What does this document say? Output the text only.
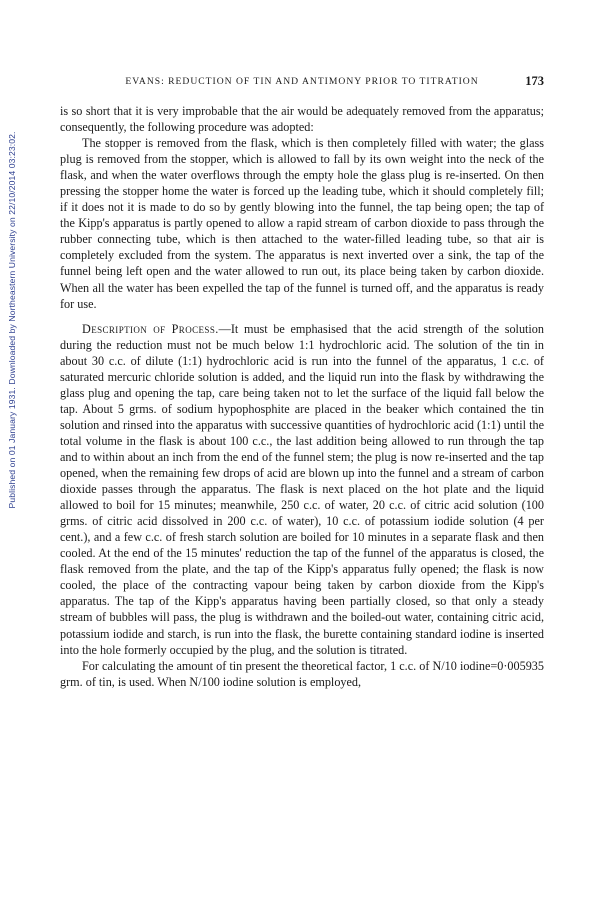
Published on 01 January 1931. Downloaded by Northeastern University on 22/10/2014 03:23:02.
EVANS: REDUCTION OF TIN AND ANTIMONY PRIOR TO TITRATION	173

is so short that it is very improbable that the air would be adequately removed from the apparatus; consequently, the following procedure was adopted:

The stopper is removed from the flask, which is then completely filled with water; the glass plug is removed from the stopper, which is allowed to fall by its own weight into the neck of the flask, and when the water overflows through the empty hole the glass plug is re-inserted. On then pressing the stopper home the water is forced up the leading tube, which it should completely fill; if it does not it is made to do so by gently blowing into the funnel, the tap being open; the tap of the Kipp's apparatus is partly opened to allow a rapid stream of carbon dioxide to pass through the rubber connecting tube, which is then attached to the water-filled leading tube, so that air is completely excluded from the system. The apparatus is next inverted over a sink, the tap of the funnel being left open and the water allowed to run out, its place being taken by carbon dioxide. When all the water has been expelled the tap of the funnel is turned off, and the apparatus is ready for use.

Description of Process.—It must be emphasised that the acid strength of the solution during the reduction must not be much below 1:1 hydrochloric acid. The solution of the tin in about 30 c.c. of dilute (1:1) hydrochloric acid is run into the funnel of the apparatus, 1 c.c. of saturated mercuric chloride solution is added, and the liquid run into the flask by withdrawing the glass plug and opening the tap, care being taken not to let the surface of the liquid fall below the tap. About 5 grms. of sodium hypophosphite are placed in the beaker which contained the tin solution and rinsed into the apparatus with successive quantities of hydrochloric acid (1:1) until the total volume in the flask is about 100 c.c., the last addition being allowed to run through the tap and to within about an inch from the end of the funnel stem; the plug is now re-inserted and the tap opened, when the remaining few drops of acid are blown up into the funnel and a stream of carbon dioxide passes through the apparatus. The flask is next placed on the hot plate and the liquid allowed to boil for 15 minutes; meanwhile, 250 c.c. of water, 20 c.c. of citric acid solution (100 grms. of citric acid dissolved in 200 c.c. of water), 10 c.c. of potassium iodide solution (4 per cent.), and a few c.c. of fresh starch solution are boiled for 10 minutes in a separate flask and then cooled. At the end of the 15 minutes' reduction the tap of the funnel of the apparatus is closed, the flask removed from the plate, and the tap of the Kipp's apparatus fully opened; the flask is now cooled, the place of the contracting vapour being taken by carbon dioxide from the Kipp's apparatus. The tap of the Kipp's apparatus having been partially closed, so that only a steady stream of bubbles will pass, the plug is withdrawn and the boiled-out water, containing citric acid, potassium iodide and starch, is run into the flask, the burette containing standard iodine is inserted into the hole formerly occupied by the plug, and the solution is titrated.

For calculating the amount of tin present the theoretical factor, 1 c.c. of N/10 iodine=0·005935 grm. of tin, is used. When N/100 iodine solution is employed,
